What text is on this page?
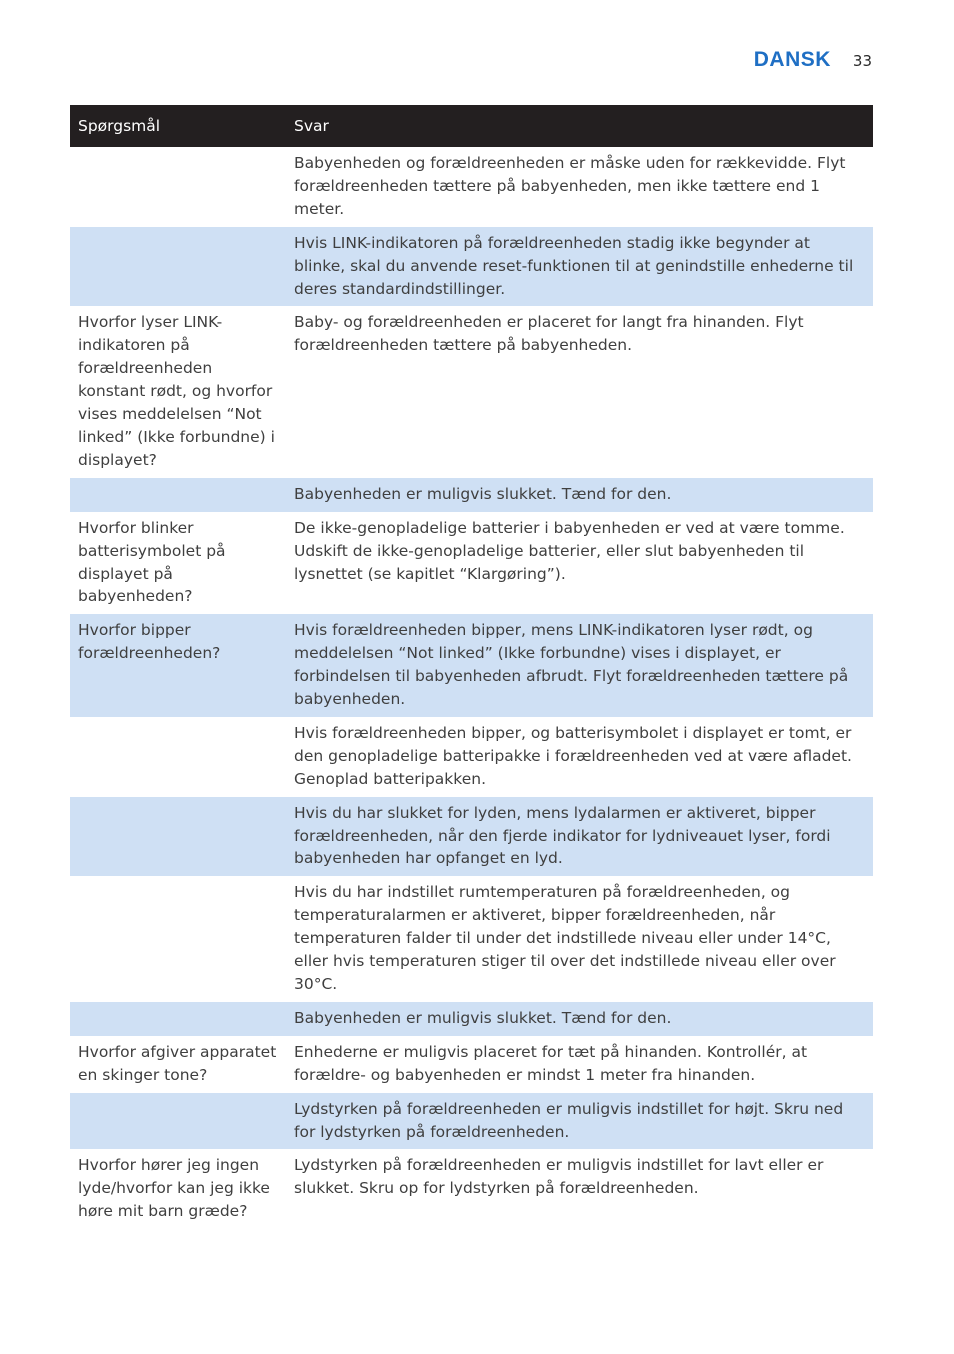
DANSK 33
Spørgsmål	Svar
	Babyenheden og forældreenheden er måske uden for rækkevidde. Flyt forældreenheden tættere på babyenheden, men ikke tættere end 1 meter.
	Hvis LINK-indikatoren på forældreenheden stadig ikke begynder at blinke, skal du anvende reset-funktionen til at genindstille enhederne til deres standardindstillinger.
Hvorfor lyser LINK-indikatoren på forældreenheden konstant rødt, og hvorfor vises meddelelsen “Not linked” (Ikke forbundne) i displayet?	Baby- og forældreenheden er placeret for langt fra hinanden. Flyt forældreenheden tættere på babyenheden.
	Babyenheden er muligvis slukket. Tænd for den.
Hvorfor blinker batterisymbolet på displayet på babyenheden?	De ikke-genopladelige batterier i babyenheden er ved at være tomme. Udskift de ikke-genopladelige batterier, eller slut babyenheden til lysnettet (se kapitlet “Klargøring”).
Hvorfor bipper forældreenheden?	Hvis forældreenheden bipper, mens LINK-indikatoren lyser rødt, og meddelelsen “Not linked” (Ikke forbundne) vises i displayet, er forbindelsen til babyenheden afbrudt. Flyt forældreenheden tættere på babyenheden.
	Hvis forældreenheden bipper, og batterisymbolet i displayet er tomt, er den genopladelige batteripakke i forældreenheden ved at være afladet. Genoplad batteripakken.
	Hvis du har slukket for lyden, mens lydalarmen er aktiveret, bipper forældreenheden, når den fjerde indikator for lydniveauet lyser, fordi babyenheden har opfanget en lyd.
	Hvis du har indstillet rumtemperaturen på forældreenheden, og temperaturalarmen er aktiveret, bipper forældreenheden, når temperaturen falder til under det indstillede niveau eller under 14°C, eller hvis temperaturen stiger til over det indstillede niveau eller over 30°C.
	Babyenheden er muligvis slukket. Tænd for den.
Hvorfor afgiver apparatet en skinger tone?	Enhederne er muligvis placeret for tæt på hinanden. Kontrollér, at forældre- og babyenheden er mindst 1 meter fra hinanden.
	Lydstyrken på forældreenheden er muligvis indstillet for højt. Skru ned for lydstyrken på forældreenheden.
Hvorfor hører jeg ingen lyde/hvorfor kan jeg ikke høre mit barn græde?	Lydstyrken på forældreenheden er muligvis indstillet for lavt eller er slukket. Skru op for lydstyrken på forældreenheden.
